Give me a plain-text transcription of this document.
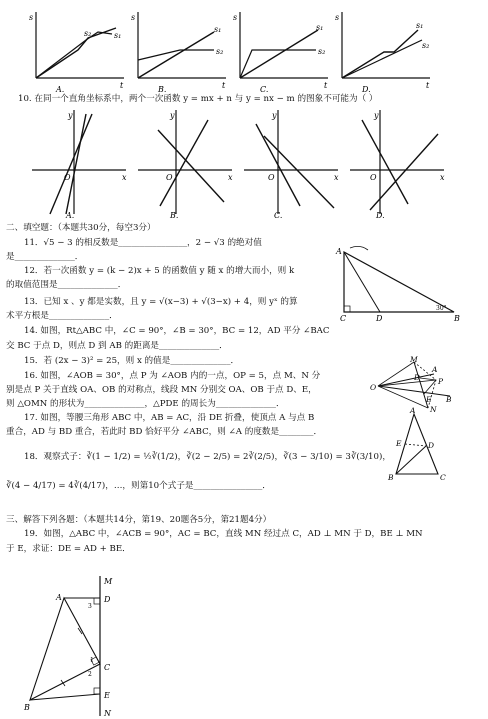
s
s₂	s₁
t
A.
s
s₁
s₂
t
B.
s
s₁
s₂
t
C.
s
s₁
s₂
t
D.
10. 在同一个直角坐标系中，两个一次函数 y = mx + n 与 y = nx − m 的图象不可能为（ ）
y
x
O
A.
y
x
O
B.
y
x
O
C.
y
x
O
D.
二、填空题：（本题共30分，每空3分）
11．√5 − 3 的相反数是________________，2 − √3 的绝对值
是______________．
12．若一次函数 y = (k − 2)x + 5 的函数值 y 随 x 的增大而小，则 k
的取值范围是______________．
13．已知 x 、y 都是实数，且 y = √(x−3) + √(3−x) + 4，则 yˣ 的算
术平方根是______________．
14. 如图，Rt△ABC 中，∠C = 90°，∠B = 30°，BC = 12，AD 平分 ∠BAC
交 BC 于点 D，则点 D 到 AB 的距离是______________．
15．若 (2x − 3)² = 25，则 x 的值是______________．
16. 如图，∠AOB = 30°，点 P 为 ∠AOB 内的一点，OP = 5，点 M、N 分
别是点 P 关于直线 OA、OB 的对称点，线段 MN 分别交 OA、OB 于点 D、E，
则 △OMN 的形状为______________，△PDE 的周长为______________．
17. 如图，等腰三角形 ABC 中，AB = AC，沿 DE 折叠，使顶点 A 与点 B
重合，AD 与 BD 重合，若此时 BD 恰好平分 ∠ABC，则 ∠A 的度数是________．
18．观察式子：∛(1 − 1/2) = ½∛(1/2)，∛(2 − 2/5) = 2∛(2/5)，∛(3 − 3/10) = 3∛(3/10)，
∛(4 − 4/17) = 4∛(4/17)，…，则第10个式子是________________．
三、解答下列各题：（本题共14分，第19、20题各5分，第21题4分）
19．如图，△ABC 中，∠ACB = 90°，AC = BC，直线 MN 经过点 C，AD ⊥ MN 于 D，BE ⊥ MN
于 E，求证：DE = AD + BE．
A
C	D	B
30°
M
D
A
P
O
E B
N
A
E	D
B	C
M
A	D
3
C
1
2
B
E
N
